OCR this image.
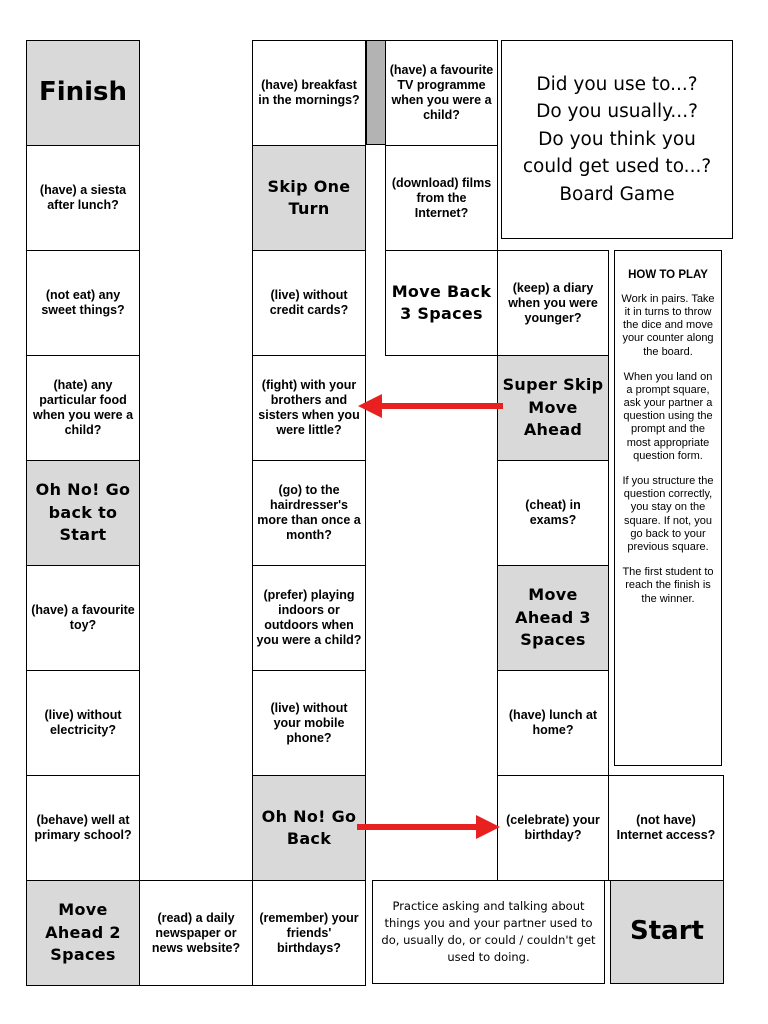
Finish
(have) a siesta after lunch?
(not eat) any sweet things?
(hate) any particular food when you were a child?
Oh No! Go back to Start
(have) a favourite toy?
(live) without electricity?
(behave) well at primary school?
Move Ahead 2 Spaces
(read) a daily newspaper or news website?
(have) breakfast in the mornings?
Skip One Turn
(live) without credit cards?
(fight) with your brothers and sisters when you were little?
(go) to the hairdresser's more than once a month?
(prefer) playing indoors or outdoors when you were a child?
(live) without your mobile phone?
Oh No! Go Back
(remember) your friends' birthdays?
(have) a favourite TV programme when you were a child?
(download) films from the Internet?
Move Back 3 Spaces
Did you use to...?
Do you usually...?
Do you think you
could get used to...?
Board Game
(keep) a diary when you were younger?
Super Skip Move Ahead
(cheat) in exams?
Move Ahead 3 Spaces
(have) lunch at home?
(celebrate) your birthday?
(not have) Internet access?
Start
HOW TO PLAY

Work in pairs. Take it in turns to throw the dice and move your counter along the board.

When you land on a prompt square, ask your partner a question using the prompt and the most appropriate question form.

If you structure the question correctly, you stay on the square. If not, you go back to your previous square.

The first student to reach the finish is the winner.

Practice asking and talking about things you and your partner used to do, usually do, or could / couldn't get used to doing.
